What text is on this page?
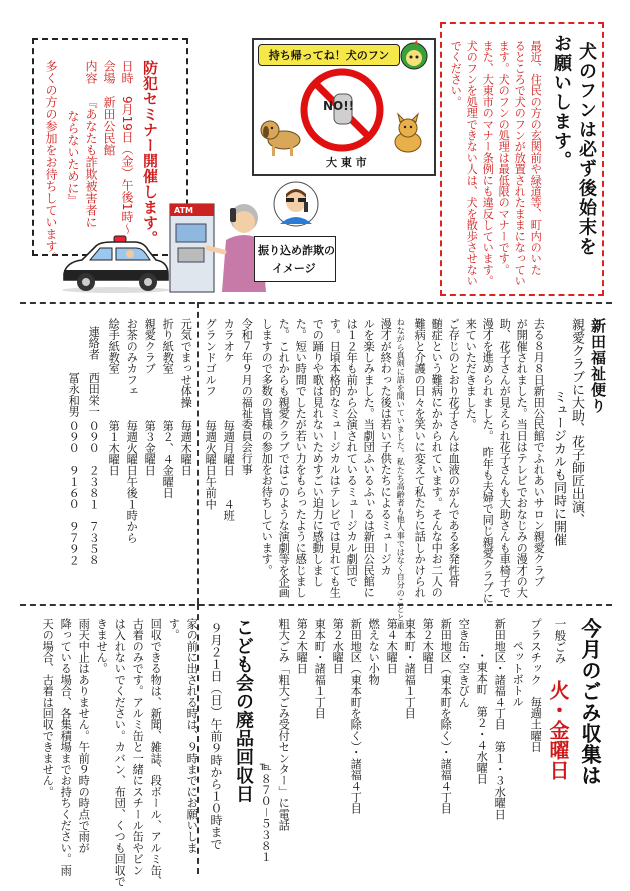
防犯セミナー開催します。
日時
9月19日（金）午後1時～
会場
新田公民館
内容
『あなたも詐欺被害者に
ならないために』
多くの方の参加をお待ちしています。
持ち帰ってね！犬のフン
NO!!
大 東 市
ATM
振り込め詐欺の
イメージ
犬のフンは必ず後始末を
お願いします。
最近、住民の方の玄関前や緑道等、町内のいた
るところで犬のフンが放置されたままになってい
ます。犬のフンの処理は最低限のマナーです。
また、大東市のマナー条例にも違反しています。
犬のフンを処理できない人は、犬を散歩させない
でください。
新田福祉便り
親愛クラブに大助、花子師匠出演、
ミュージカルも同時に開催
去る８月８日新田公民館でふれあいサロン親愛クラブ
が開催されました。当日はテレビでおなじみの漫才の大
助、花子さんが見えられ花子さんも大助さんも車椅子で
漫才を進められました。　昨年も夫婦で同じ親愛クラブに
来ていただきました。
ご存じのとおり花子さんは血液のがんである多発性骨
髄症という難病にかかられています。そんな中お二人の
難病と介護の日々を笑いに変えて私たちに話しかけられ
ねながら真剣に語を聞いていました。私たち高齢者も他人事ではなく自分のことと重
漫才が終わった後は若い子供たちによるミュージカ
ルを楽しみました。当劇団ふいるふぃるは新田公民館に
は１２年も前から公演されているミュージカル劇団で
す。日頃本格的なミュージカルはテレビでは見れても生
での踊りや歌は見れないためすごい迫力に感動しまし
た。短い時間でしたが若い力をもらったように感じまし
た。これからも親愛クラブではこのような演劇等を企画
しますので多数の皆様の参加をお待ちしています。
令和７年９月の福祉委員会行事
カラオケ
毎週月曜日　　４班
グランドゴルフ
毎週火曜日午前中
元気でまっせ体操
毎週木曜日
折り紙教室
第２、４金曜日
親愛クラブ
第３金曜日
お茶のみカフェ
毎週火曜日午後１時から
絵手紙教室
第１木曜日
連絡者
西田栄一
０９０　２３８１　７３５８
冨永和男
０９０　９１６０　９７９２
今月のごみ収集は
一般ごみ
火・金曜日
プラスチック　毎週土曜日
ペットボトル
新田地区・諸福４丁目　第１・３水曜日
・東本町　第２・４水曜日
空き缶・空きびん
新田地区（東本町を除く）・諸福４丁目
第２木曜日
東本町・諸福１丁目
第４木曜日
燃えない小物
新田地区（東本町を除く）・諸福４丁目
第２水曜日
東本町・諸福１丁目
第２木曜日
粗大ごみ「粗大ごみ受付センター」に電話
℡８７０－５３８１
こども会の廃品回収日
９月２１日（日）午前９時から１０時まで
家の前に出される時は、９時までにお願いしま
す。
回収できる物は、新聞、雑誌、段ボール、アルミ缶、
古着のみです。アルミ缶と一緒にスチール缶やビン
は入れないでください。カバン、布団、くつも回収で
きません。
雨天中止はありません。午前９時の時点で雨が
降っている場合、各集積場までお持ちください。雨
天の場合、古着は回収できません。
